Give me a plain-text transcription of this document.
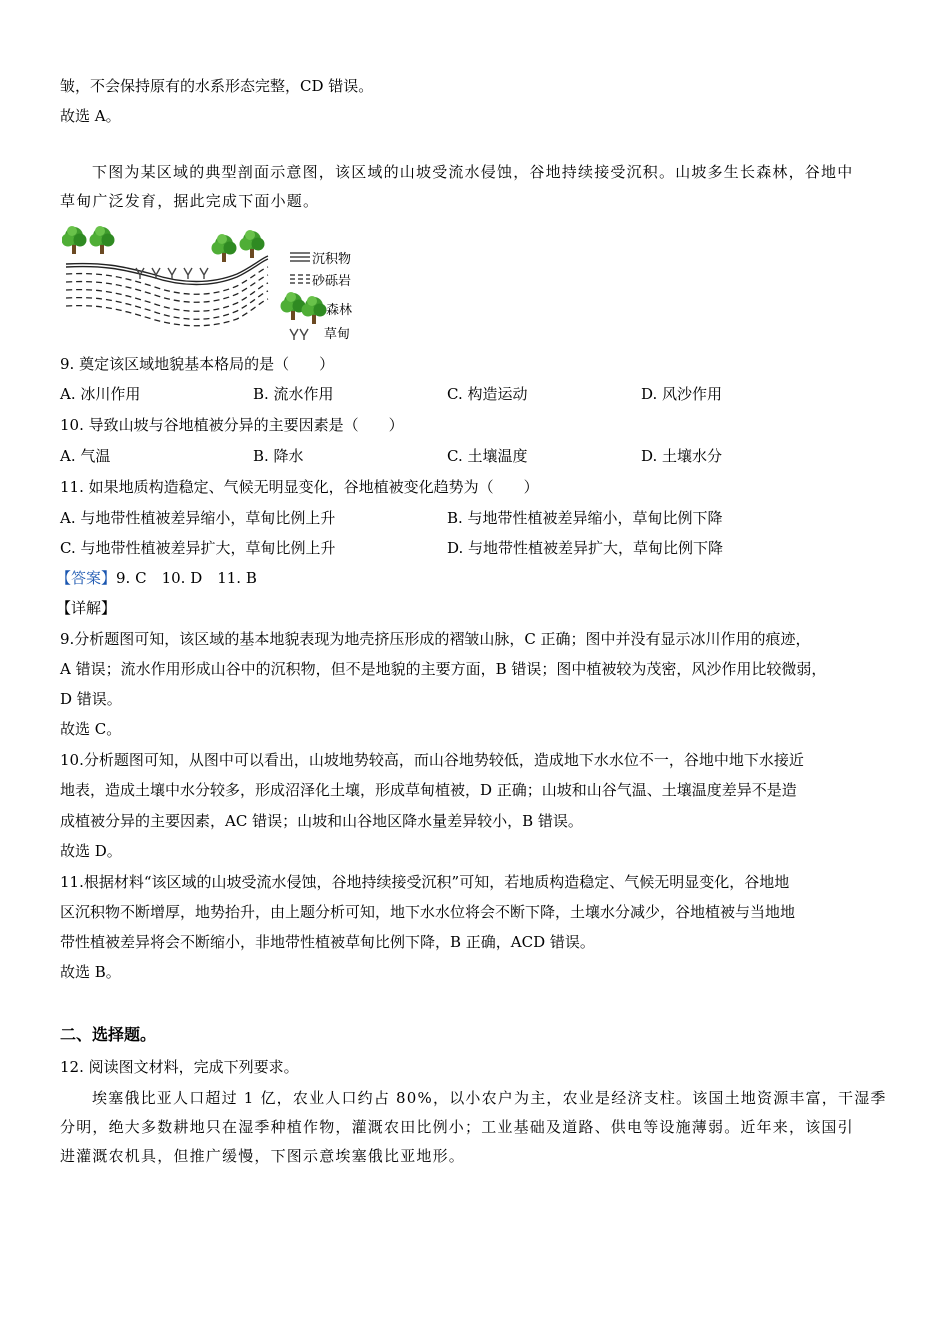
皱，不会保持原有的水系形态完整，CD 错误。
故选 A。
下图为某区域的典型剖面示意图，该区域的山坡受流水侵蚀，谷地持续接受沉积。山坡多生长森林，谷地中
草甸广泛发育，据此完成下面小题。
沉积物
砂砾岩
森林
草甸
9. 奠定该区域地貌基本格局的是（　　）
A. 冰川作用	B. 流水作用	C. 构造运动	D. 风沙作用
10. 导致山坡与谷地植被分异的主要因素是（　　）
A. 气温	B. 降水	C. 土壤温度	D. 土壤水分
11. 如果地质构造稳定、气候无明显变化，谷地植被变化趋势为（　　）
A. 与地带性植被差异缩小，草甸比例上升	B. 与地带性植被差异缩小，草甸比例下降
C. 与地带性植被差异扩大，草甸比例上升	D. 与地带性植被差异扩大，草甸比例下降
【答案】9. C　10. D　11. B
【详解】
9.分析题图可知，该区域的基本地貌表现为地壳挤压形成的褶皱山脉，C 正确；图中并没有显示冰川作用的痕迹，
A 错误；流水作用形成山谷中的沉积物，但不是地貌的主要方面，B 错误；图中植被较为茂密，风沙作用比较微弱，
D 错误。
故选 C。
10.分析题图可知，从图中可以看出，山坡地势较高，而山谷地势较低，造成地下水水位不一，谷地中地下水接近
地表，造成土壤中水分较多，形成沼泽化土壤，形成草甸植被，D 正确；山坡和山谷气温、土壤温度差异不是造
成植被分异的主要因素，AC 错误；山坡和山谷地区降水量差异较小，B 错误。
故选 D。
11.根据材料“该区域的山坡受流水侵蚀，谷地持续接受沉积”可知，若地质构造稳定、气候无明显变化，谷地地
区沉积物不断增厚，地势抬升，由上题分析可知，地下水水位将会不断下降，土壤水分减少，谷地植被与当地地
带性植被差异将会不断缩小，非地带性植被草甸比例下降，B 正确，ACD 错误。
故选 B。
二、选择题。
12. 阅读图文材料，完成下列要求。
埃塞俄比亚人口超过 1 亿，农业人口约占 80%，以小农户为主，农业是经济支柱。该国土地资源丰富，干湿季
分明，绝大多数耕地只在湿季种植作物，灌溉农田比例小；工业基础及道路、供电等设施薄弱。近年来，该国引
进灌溉农机具，但推广缓慢，下图示意埃塞俄比亚地形。
